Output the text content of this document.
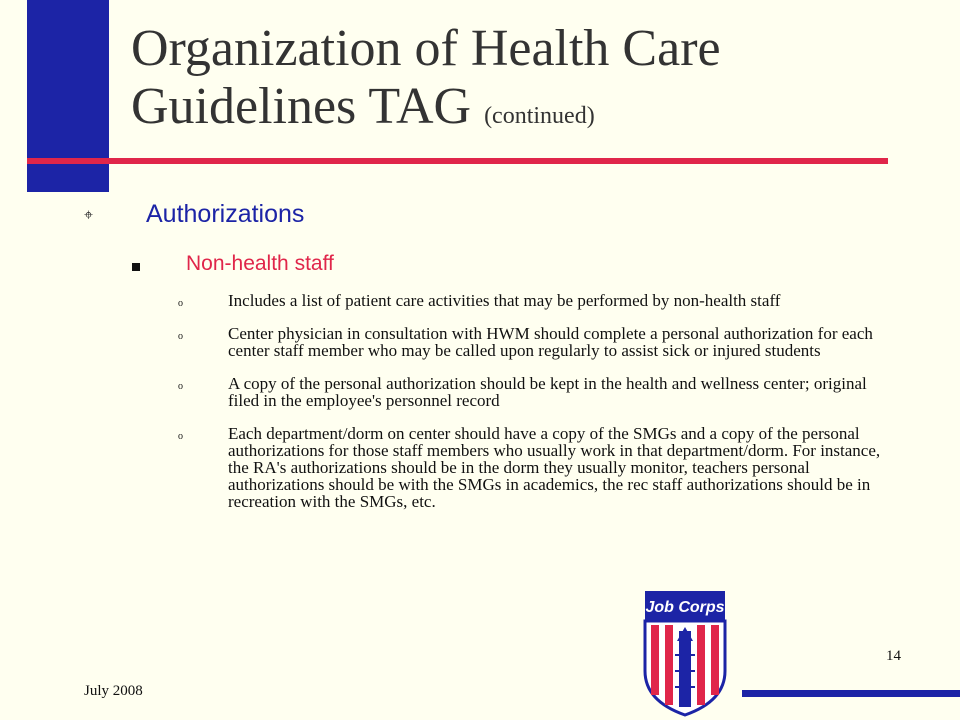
Organization of Health Care Guidelines TAG (continued)
⌖ Authorizations
Non-health staff
o	Includes a list of patient care activities that may be performed by non-health staff
o	Center physician in consultation with HWM should complete a personal authorization for each center staff member who may be called upon regularly to assist sick or injured students
o	A copy of the personal authorization should be kept in the health and wellness center; original filed in the employee's personnel record
o	Each department/dorm on center should have a copy of the SMGs and a copy of the personal authorizations for those staff members who usually work in that department/dorm. For instance, the RA's authorizations should be in the dorm they usually monitor, teachers personal authorizations should be with the SMGs in academics, the rec staff authorizations should be in recreation with the SMGs, etc.
Job Corps
July 2008
14
